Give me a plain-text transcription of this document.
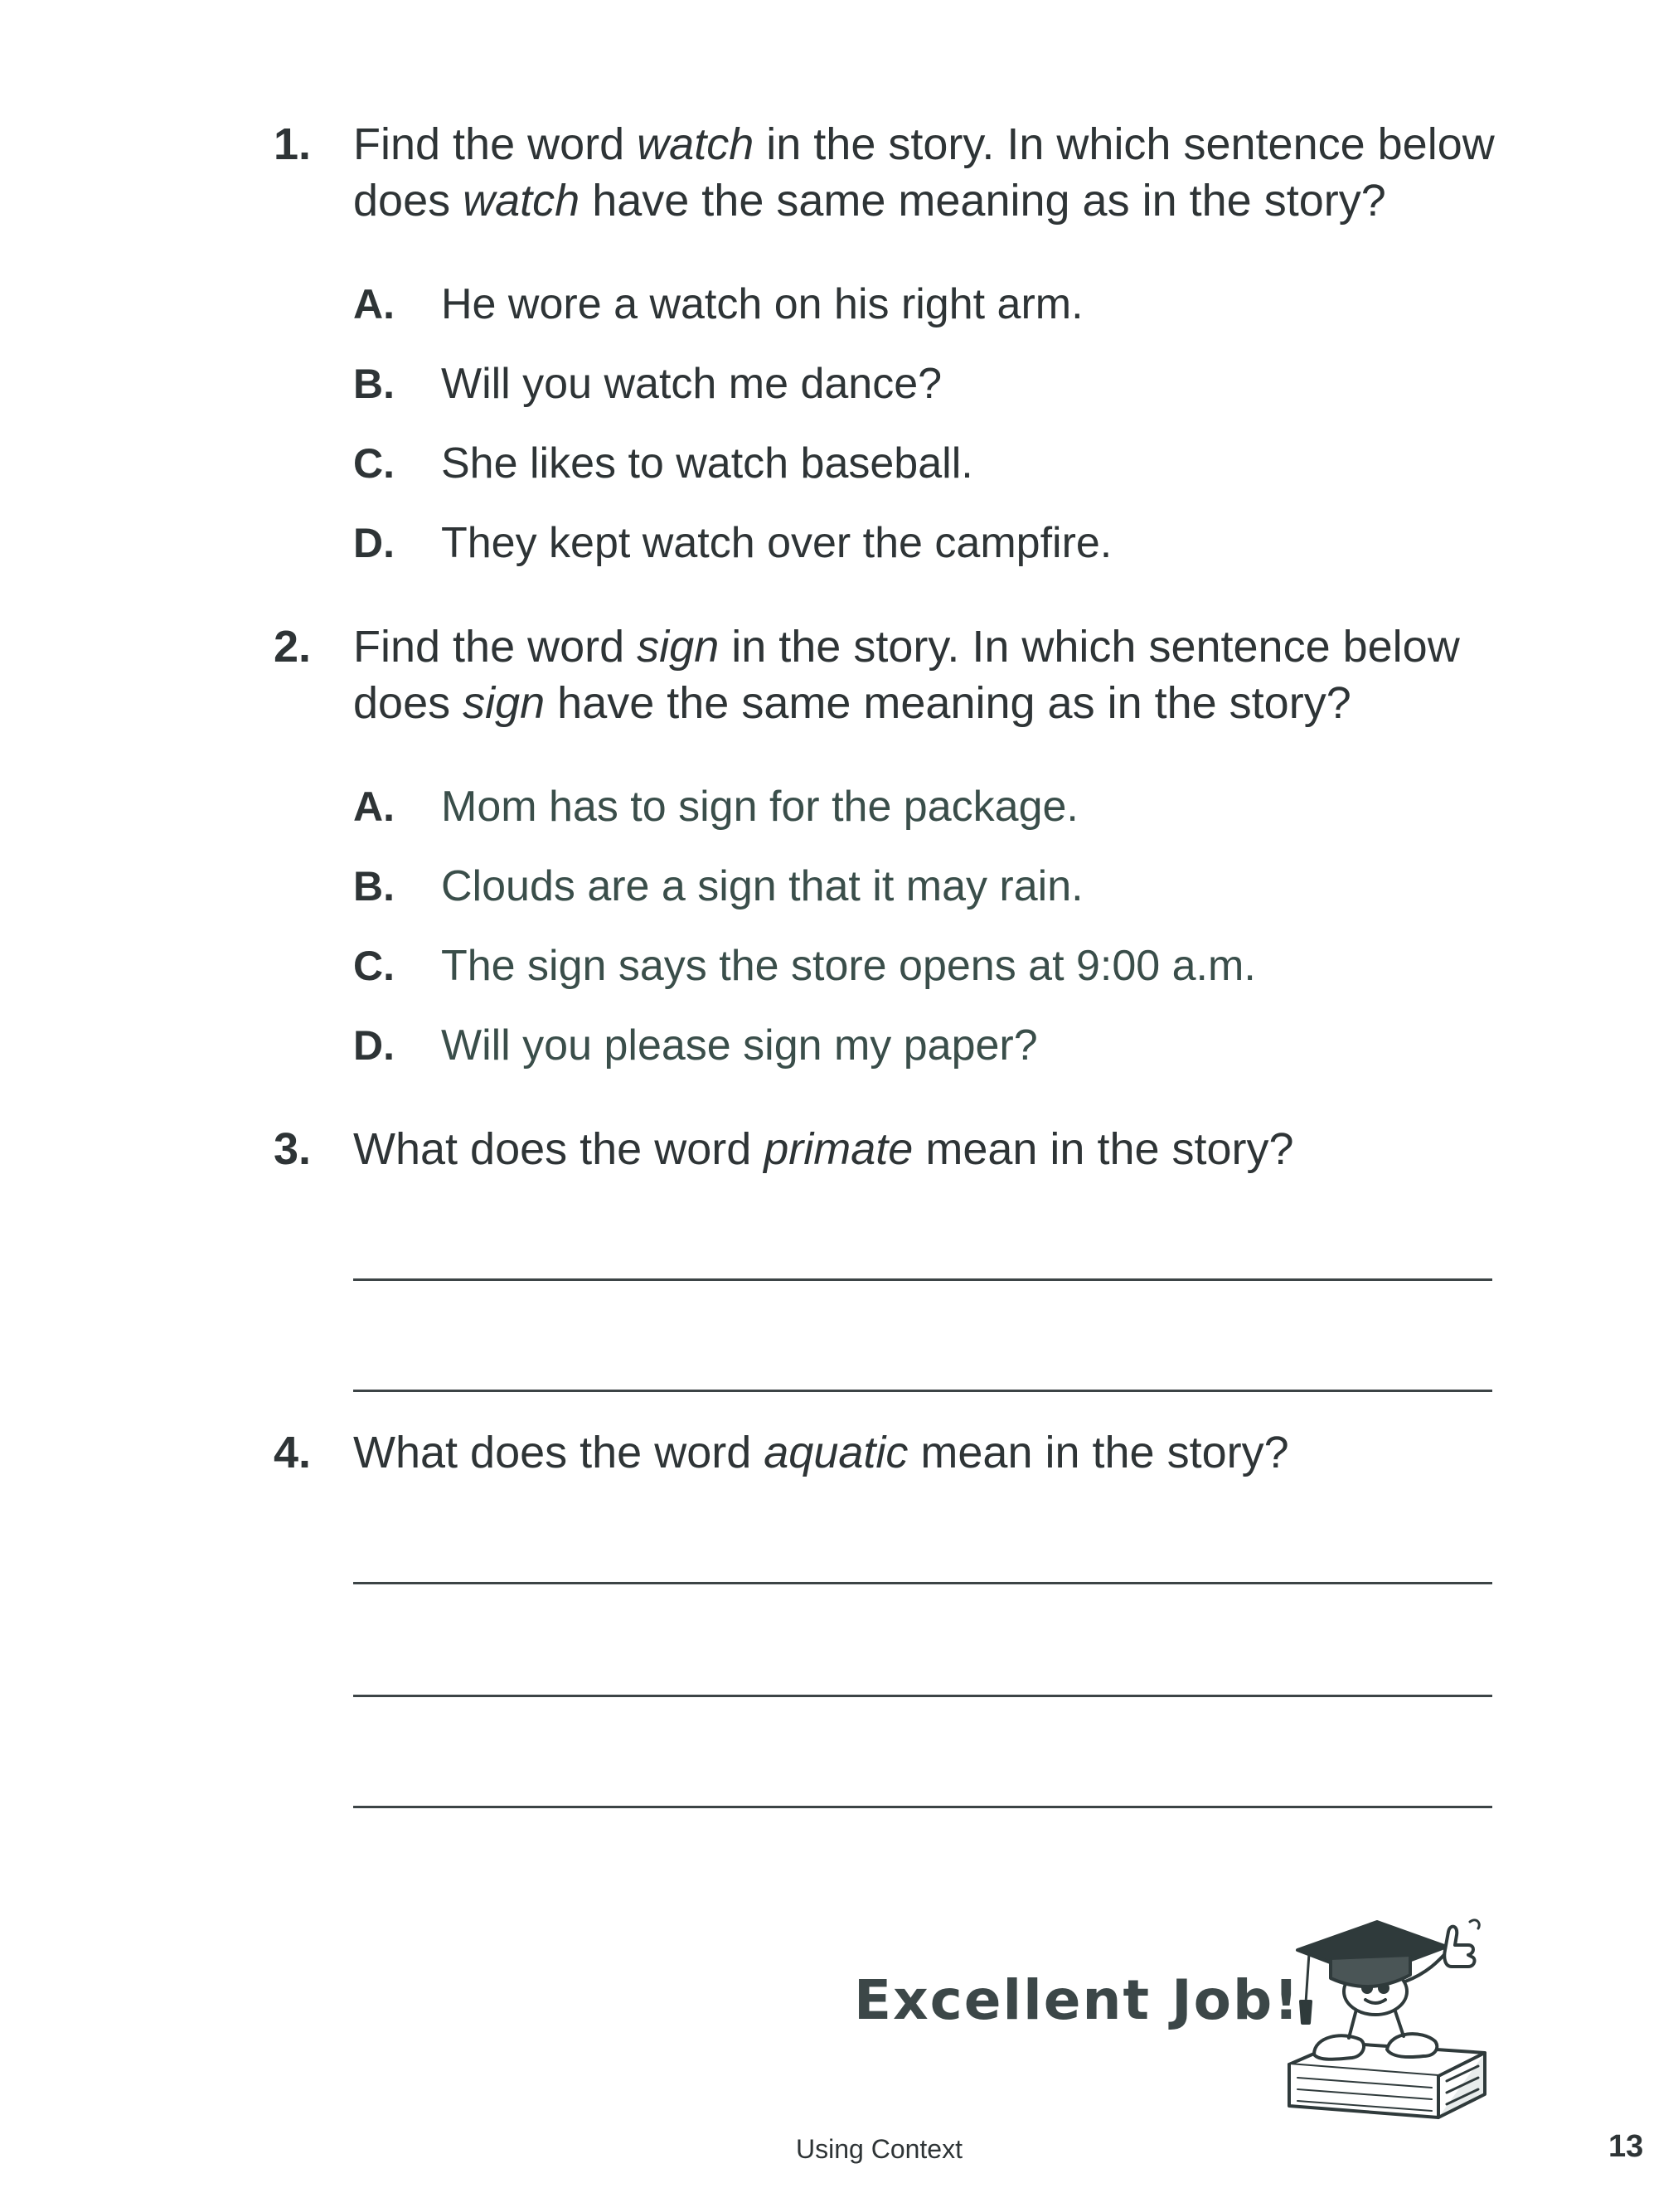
1. Find the word watch in the story. In which sentence below
does watch have the same meaning as in the story?
A. He wore a watch on his right arm.
B. Will you watch me dance?
C. She likes to watch baseball.
D. They kept watch over the campfire.
2. Find the word sign in the story. In which sentence below
does sign have the same meaning as in the story?
A. Mom has to sign for the package.
B. Clouds are a sign that it may rain.
C. The sign says the store opens at 9:00 a.m.
D. Will you please sign my paper?
3. What does the word primate mean in the story?
4. What does the word aquatic mean in the story?
Excellent Job!
Using Context	13
